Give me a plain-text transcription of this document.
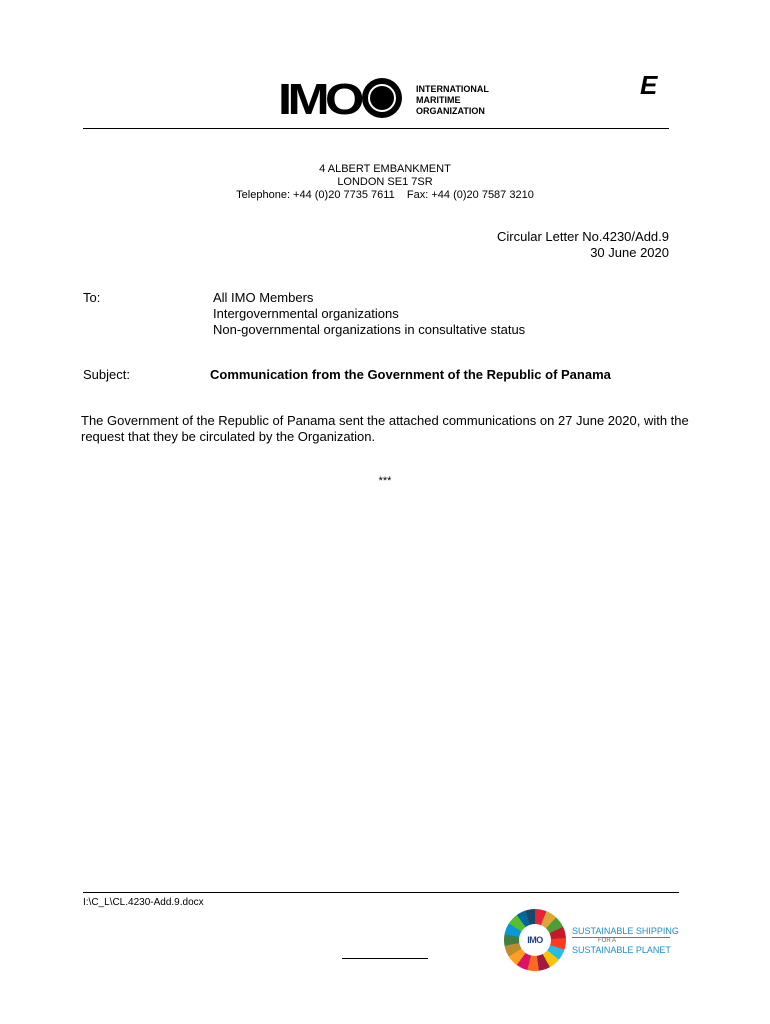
IMO	INTERNATIONAL
MARITIME
ORGANIZATION
E
4 ALBERT EMBANKMENT
LONDON SE1 7SR
Telephone: +44 (0)20 7735 7611 Fax: +44 (0)20 7587 3210
Circular Letter No.4230/Add.9
30 June 2020
To:	All IMO Members
Intergovernmental organizations
Non-governmental organizations in consultative status
Subject:	Communication from the Government of the Republic of Panama
The Government of the Republic of Panama sent the attached communications on 27 June 2020, with the request that they be circulated by the Organization.
***
I:\C_L\CL.4230-Add.9.docx
IMO
SUSTAINABLE SHIPPING
FOR A
SUSTAINABLE PLANET
